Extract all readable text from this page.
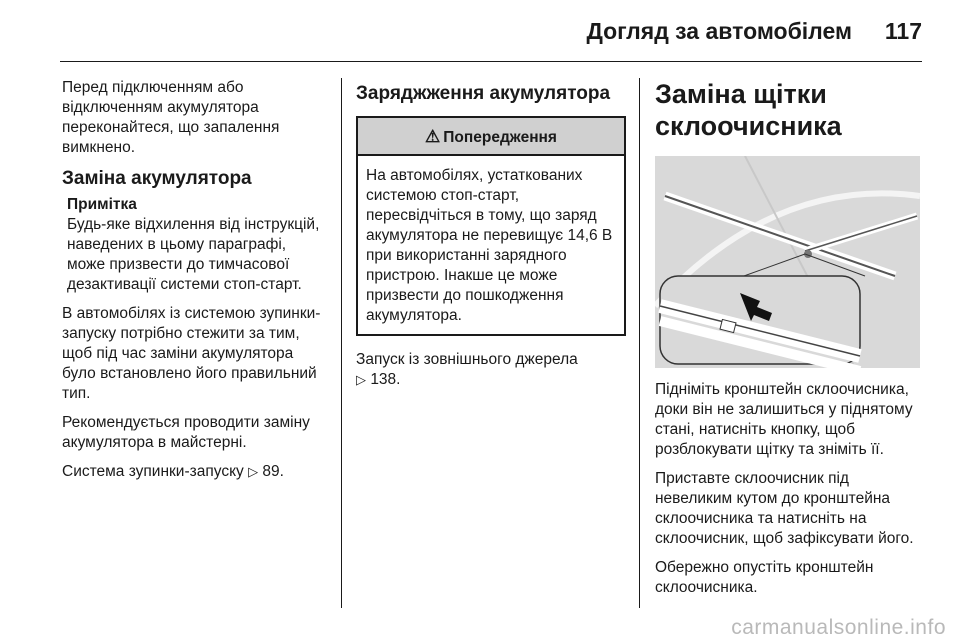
Догляд за автомобілем 117

Перед підключенням або відключенням акумулятора переконайтеся, що запалення вимкнено.

Заміна акумулятора
Примітка
Будь-яке відхилення від інструкцій, наведених в цьому параграфі, може призвести до тимчасової дезактивації системи стоп-старт.

В автомобілях із системою зупинки-запуску потрібно стежити за тим, щоб під час заміни акумулятора було встановлено його правильний тип.

Рекомендується проводити заміну акумулятора в майстерні.

Система зупинки-запуску ▷ 89.

Заряджження акумулятора
⚠ Попередження
На автомобілях, устаткованих системою стоп-старт, пересвідчіться в тому, що заряд акумулятора не перевищує 14,6 В при використанні зарядного пристрою. Інакше це може призвести до пошкодження акумулятора.

Запуск із зовнішнього джерела
▷ 138.

Заміна щітки склоочисника

Підніміть кронштейн склоочисника, доки він не залишиться у піднятому стані, натисніть кнопку, щоб розблокувати щітку та зніміть її.

Приставте склоочисник під невеликим кутом до кронштейна склоочисника та натисніть на склоочисник, щоб зафіксувати його.

Обережно опустіть кронштейн склоочисника.

carmanualsonline.info
